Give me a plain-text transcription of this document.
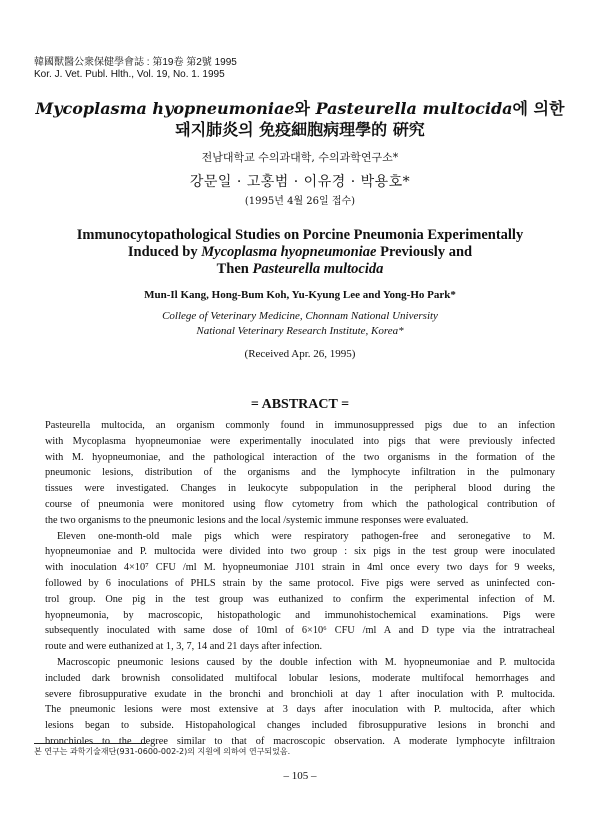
韓國獸醫公衆保健學會誌 : 第19卷 第2號 1995
Kor. J. Vet. Publ. Hlth., Vol. 19, No. 1. 1995
Mycoplasma hyopneumoniae와 Pasteurella multocida에 의한
돼지肺炎의 免疫細胞病理學的 硏究
전남대학교 수의과대학, 수의과학연구소*
강문일 · 고홍범 · 이유경 · 박용호*
(1995년 4월 26일 접수)
Immunocytopathological Studies on Porcine Pneumonia Experimentally
Induced by Mycoplasma hyopneumoniae Previously and
Then Pasteurella multocida
Mun-Il Kang, Hong-Bum Koh, Yu-Kyung Lee and Yong-Ho Park*
College of Veterinary Medicine, Chonnam National University
National Veterinary Research Institute, Korea*
(Received Apr. 26, 1995)
= ABSTRACT =
Pasteurella multocida, an organism commonly found in immunosuppressed pigs due to an infection
with Mycoplasma hyopneumoniae were experimentally inoculated into pigs that were previously infected
with M. hyopneumoniae, and the pathological interaction of the two organisms in the formation of the
pneumonic lesions, distribution of the organisms and the lymphocyte infiltration in the pulmonary
tissues were investigated. Changes in leukocyte subpopulation in the peripheral blood during the
course of pneumonia were monitored using flow cytometry from which the pathological contribution of
the two organisms to the pneumonic lesions and the local /systemic immune responses were evaluated.
Eleven one-month-old male pigs which were respiratory pathogen-free and seronegative to M.
hyopneumoniae and P. multocida were divided into two group : six pigs in the test group were inoculated
with inoculation 4×10⁷ CFU /ml M. hyopneumoniae J101 strain in 4ml once every two days for 9 weeks,
followed by 6 inoculations of PHLS strain by the same protocol. Five pigs were served as uninfected con-
trol group. One pig in the test group was euthanized to confirm the experimental infection of M.
hyopneumonia, by macroscopic, histopathologic and immunohistochemical examinations. Pigs were
subsequently inoculated with same dose of 10ml of 6×10⁶ CFU /ml A and D type via the intratracheal
route and were euthanized at 1, 3, 7, 14 and 21 days after infection.
Macroscopic pneumonic lesions caused by the double infection with M. hyopneumoniae and P. multocida
included dark brownish consolidated multifocal lobular lesions, moderate multifocal hemorrhages and
severe fibrosuppurative exudate in the bronchi and bronchioli at day 1 after inoculation with P. multocida.
The pneumonic lesions were most extensive at 3 days after inoculation with P. multocida, after which
lesions began to subside. Histopahological changes included fibrosuppurative lesions in bronchi and
bronchioles to the degree similar to that of macroscopic observation. A moderate lymphocyte infiltraion
본 연구는 과학기술재단(931-0600-002-2)의 지원에 의하여 연구되었음.
– 105 –
